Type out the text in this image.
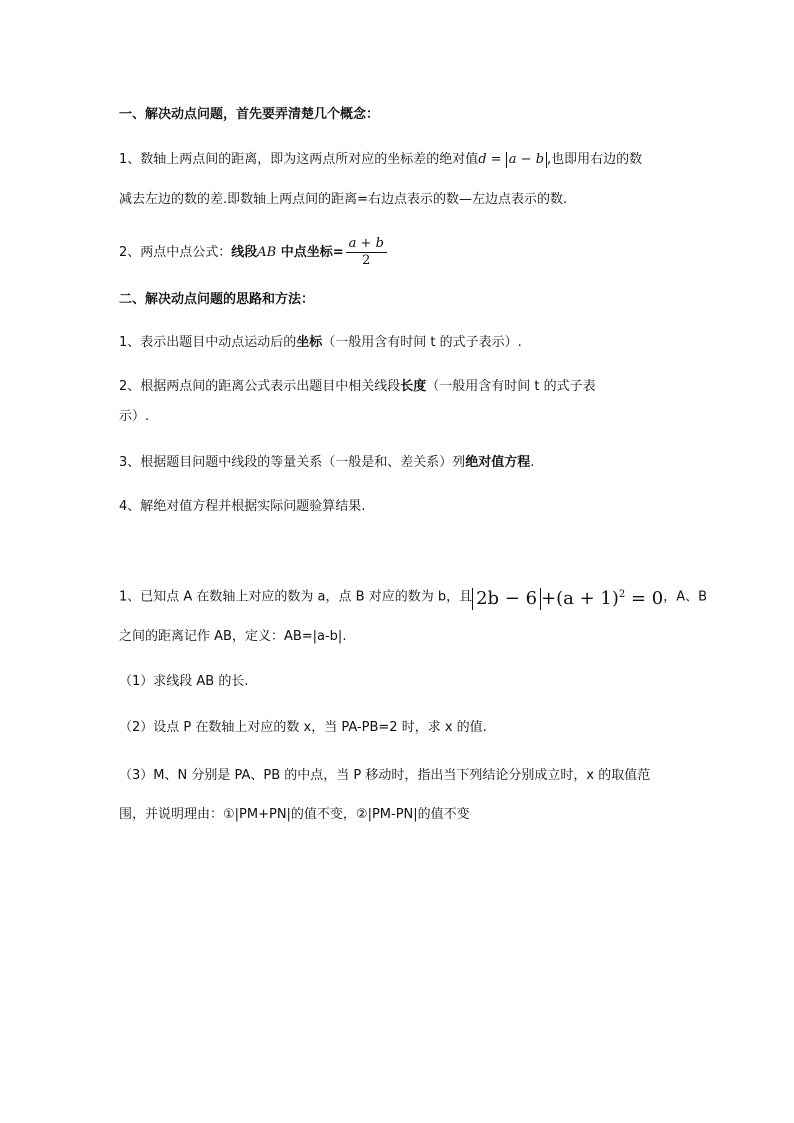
一、解决动点问题，首先要弄清楚几个概念：
1、数轴上两点间的距离，即为这两点所对应的坐标差的绝对值d = a − b ,也即用右边的数
减去左边的数的差.即数轴上两点间的距离=右边点表示的数—左边点表示的数.
2、两点中点公式：线段AB 中点坐标= $\frac{a + b}{2}$
二、解决动点问题的思路和方法：
1、表示出题目中动点运动后的坐标（一般用含有时间 t 的式子表示）.
2、根据两点间的距离公式表示出题目中相关线段长度（一般用含有时间 t 的式子表
示）.
3、根据题目问题中线段的等量关系（一般是和、差关系）列绝对值方程.
4、解绝对值方程并根据实际问题验算结果.
1、已知点 A 在数轴上对应的数为 a，点 B 对应的数为 b，且 $2b - 6 +(a + 1)^2 = 0$，A、B
之间的距离记作 AB，定义：AB=|a-b|.
（1）求线段 AB 的长.
（2）设点 P 在数轴上对应的数 x，当 PA-PB=2 时，求 x 的值.
（3）M、N 分别是 PA、PB 的中点，当 P 移动时，指出当下列结论分别成立时，x 的取值范
围，并说明理由：①|PM+PN|的值不变，②|PM-PN|的值不变
